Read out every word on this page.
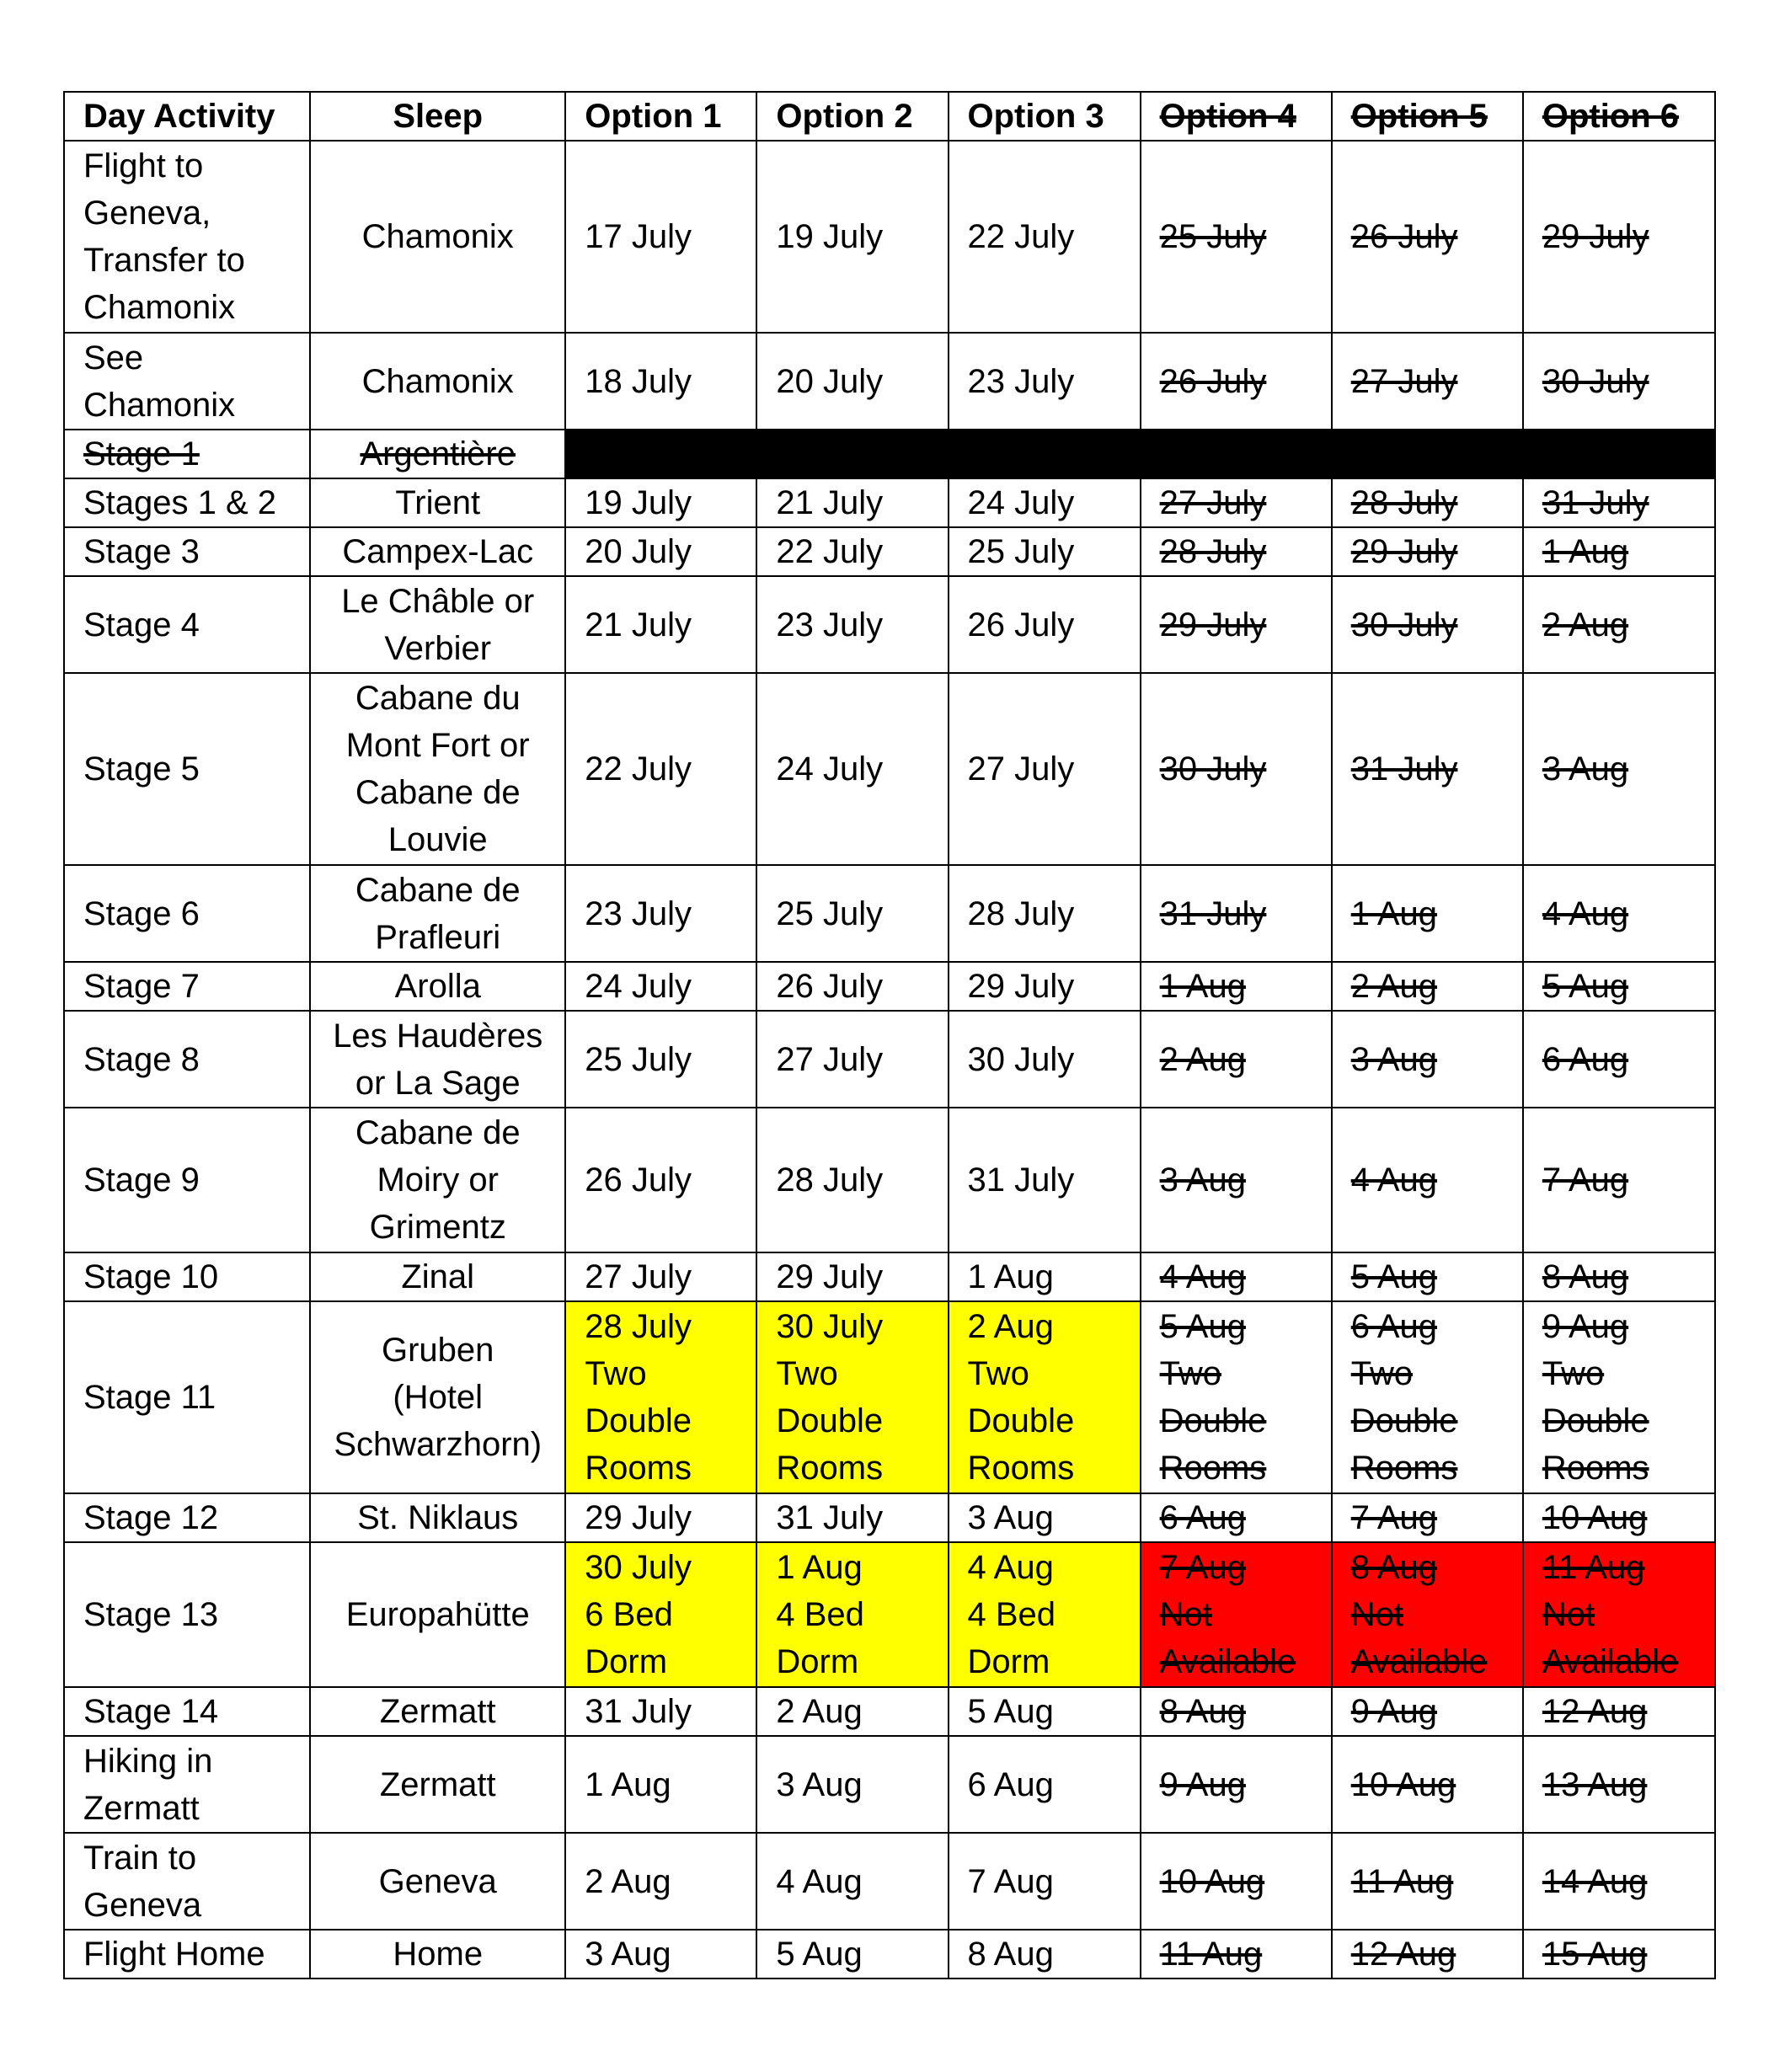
Day Activity	Sleep	Option 1	Option 2	Option 3	Option 4	Option 5	Option 6

Flight to
Geneva,
Transfer to
Chamonix	Chamonix	17 July	19 July	22 July	25 July	26 July	29 July

See
Chamonix	Chamonix	18 July	20 July	23 July	26 July	27 July	30 July

Stage 1	Argentière						

Stages 1 & 2	Trient	19 July	21 July	24 July	27 July	28 July	31 July

Stage 3	Campex-Lac	20 July	22 July	25 July	28 July	29 July	1 Aug

Stage 4	Le Châble or
Verbier	21 July	23 July	26 July	29 July	30 July	2 Aug

Stage 5	Cabane du
Mont Fort or
Cabane de
Louvie	22 July	24 July	27 July	30 July	31 July	3 Aug

Stage 6	Cabane de
Prafleuri	23 July	25 July	28 July	31 July	1 Aug	4 Aug

Stage 7	Arolla	24 July	26 July	29 July	1 Aug	2 Aug	5 Aug

Stage 8	Les Haudères
or La Sage	25 July	27 July	30 July	2 Aug	3 Aug	6 Aug

Stage 9	Cabane de
Moiry or
Grimentz	26 July	28 July	31 July	3 Aug	4 Aug	7 Aug

Stage 10	Zinal	27 July	29 July	1 Aug	4 Aug	5 Aug	8 Aug

Stage 11	Gruben
(Hotel
Schwarzhorn)	28 July
Two
Double
Rooms	30 July
Two
Double
Rooms	2 Aug
Two
Double
Rooms	5 Aug
Two
Double
Rooms	6 Aug
Two
Double
Rooms	9 Aug
Two
Double
Rooms

Stage 12	St. Niklaus	29 July	31 July	3 Aug	6 Aug	7 Aug	10 Aug

Stage 13	Europahütte	30 July
6 Bed
Dorm	1 Aug
4 Bed
Dorm	4 Aug
4 Bed
Dorm	7 Aug
Not
Available	8 Aug
Not
Available	11 Aug
Not
Available

Stage 14	Zermatt	31 July	2 Aug	5 Aug	8 Aug	9 Aug	12 Aug

Hiking in
Zermatt	Zermatt	1 Aug	3 Aug	6 Aug	9 Aug	10 Aug	13 Aug

Train to
Geneva	Geneva	2 Aug	4 Aug	7 Aug	10 Aug	11 Aug	14 Aug

Flight Home	Home	3 Aug	5 Aug	8 Aug	11 Aug	12 Aug	15 Aug
